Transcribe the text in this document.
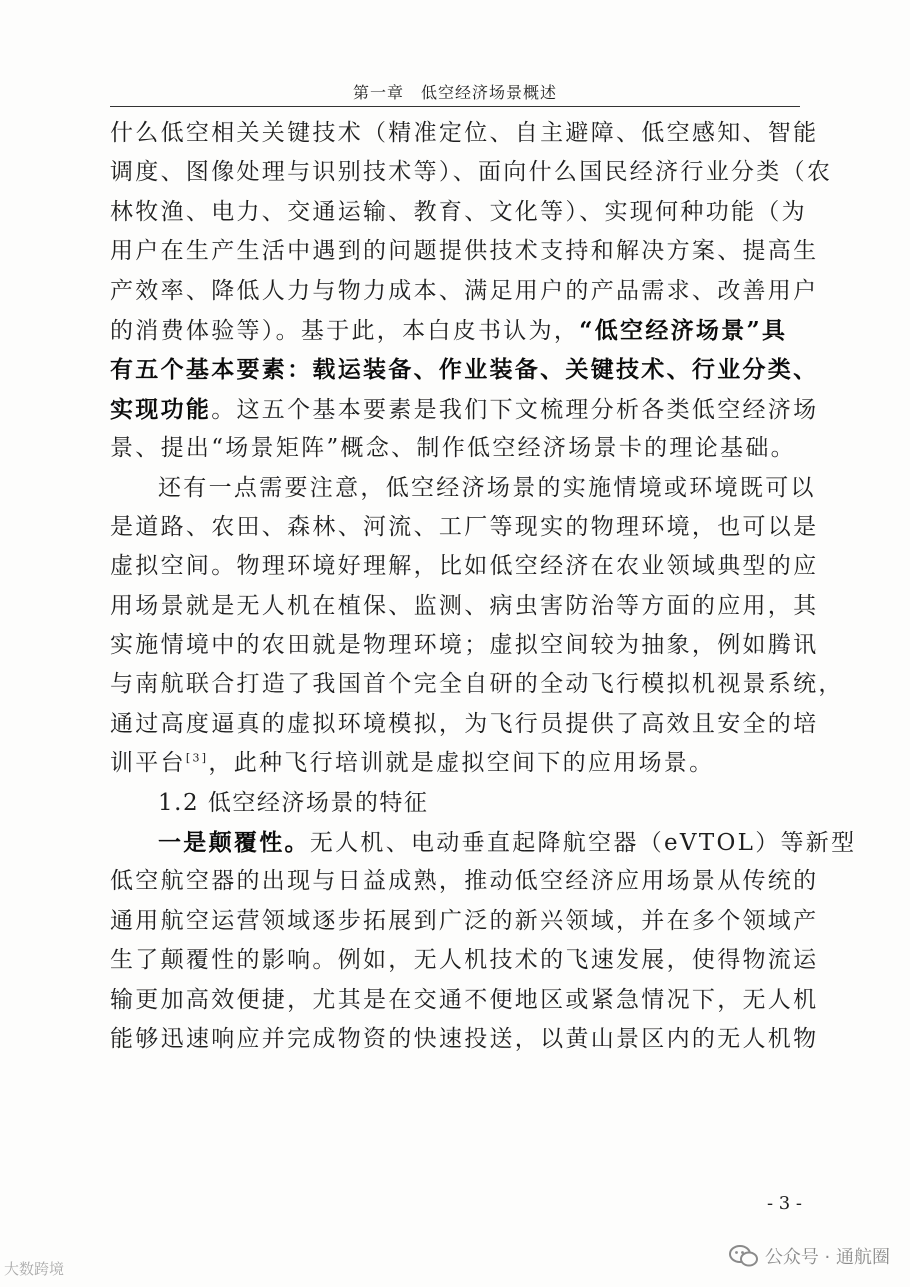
第一章　低空经济场景概述
什么低空相关关键技术（精准定位、自主避障、低空感知、智能
调度、图像处理与识别技术等）、面向什么国民经济行业分类（农
林牧渔、电力、交通运输、教育、文化等）、实现何种功能（为
用户在生产生活中遇到的问题提供技术支持和解决方案、提高生
产效率、降低人力与物力成本、满足用户的产品需求、改善用户
的消费体验等）。基于此，本白皮书认为，“低空经济场景”具
有五个基本要素：载运装备、作业装备、关键技术、行业分类、
实现功能。这五个基本要素是我们下文梳理分析各类低空经济场
景、提出“场景矩阵”概念、制作低空经济场景卡的理论基础。
还有一点需要注意，低空经济场景的实施情境或环境既可以
是道路、农田、森林、河流、工厂等现实的物理环境，也可以是
虚拟空间。物理环境好理解，比如低空经济在农业领域典型的应
用场景就是无人机在植保、监测、病虫害防治等方面的应用，其
实施情境中的农田就是物理环境；虚拟空间较为抽象，例如腾讯
与南航联合打造了我国首个完全自研的全动飞行模拟机视景系统，
通过高度逼真的虚拟环境模拟，为飞行员提供了高效且安全的培
训平台[3]，此种飞行培训就是虚拟空间下的应用场景。
1.2 低空经济场景的特征
一是颠覆性。无人机、电动垂直起降航空器（eVTOL）等新型
低空航空器的出现与日益成熟，推动低空经济应用场景从传统的
通用航空运营领域逐步拓展到广泛的新兴领域，并在多个领域产
生了颠覆性的影响。例如，无人机技术的飞速发展，使得物流运
输更加高效便捷，尤其是在交通不便地区或紧急情况下，无人机
能够迅速响应并完成物资的快速投送，以黄山景区内的无人机物
- 3 -
大数跨境
公众号 · 通航圈
